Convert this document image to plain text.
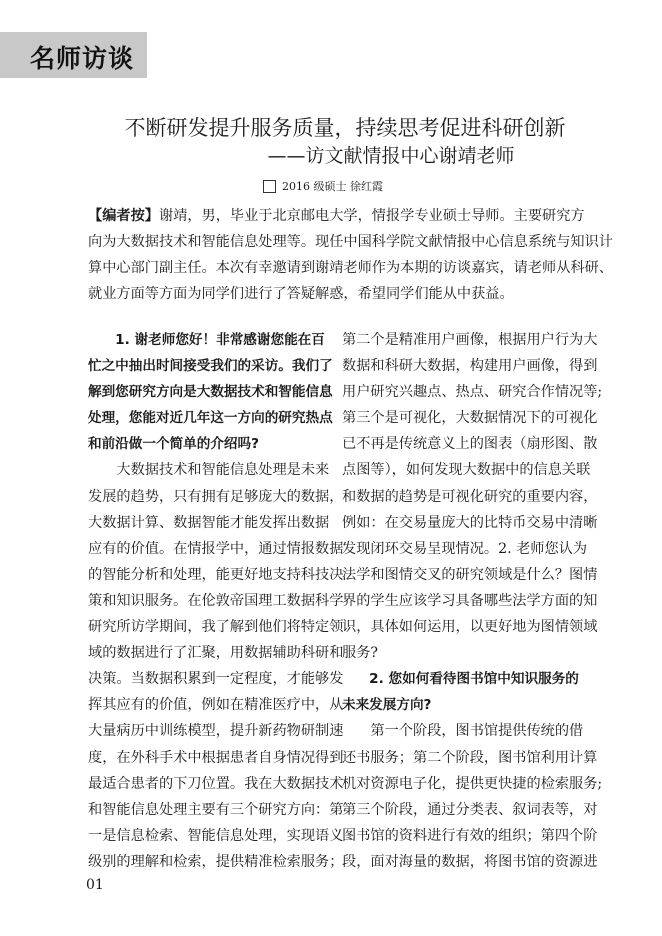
名师访谈
不断研发提升服务质量，持续思考促进科研创新
——访文献情报中心谢靖老师
2016 级硕士 徐红霞
【编者按】谢靖，男，毕业于北京邮电大学，情报学专业硕士导师。主要研究方
向为大数据技术和智能信息处理等。现任中国科学院文献情报中心信息系统与知识计
算中心部门副主任。本次有幸邀请到谢靖老师作为本期的访谈嘉宾，请老师从科研、
就业方面等方面为同学们进行了答疑解惑，希望同学们能从中获益。
　　1. 谢老师您好！非常感谢您能在百
忙之中抽出时间接受我们的采访。我们了
解到您研究方向是大数据技术和智能信息
处理，您能对近几年这一方向的研究热点
和前沿做一个简单的介绍吗?
　　大数据技术和智能信息处理是未来
发展的趋势，只有拥有足够庞大的数据，
大数据计算、数据智能才能发挥出数据
应有的价值。在情报学中，通过情报数据
的智能分析和处理，能更好地支持科技决
策和知识服务。在伦敦帝国理工数据科学
研究所访学期间，我了解到他们将特定领
域的数据进行了汇聚，用数据辅助科研和
决策。当数据积累到一定程度，才能够发
挥其应有的价值，例如在精准医疗中，从
大量病历中训练模型，提升新药物研制速
度，在外科手术中根据患者自身情况得到
最适合患者的下刀位置。我在大数据技术
和智能信息处理主要有三个研究方向：第
一是信息检索、智能信息处理，实现语义
级别的理解和检索，提供精准检索服务；
第二个是精准用户画像，根据用户行为大
数据和科研大数据，构建用户画像，得到
用户研究兴趣点、热点、研究合作情况等;
第三个是可视化，大数据情况下的可视化
已不再是传统意义上的图表（扇形图、散
点图等），如何发现大数据中的信息关联
和数据的趋势是可视化研究的重要内容，
例如：在交易量庞大的比特币交易中清晰
发现闭环交易呈现情况。2. 老师您认为
法学和图情交叉的研究领域是什么？图情
界的学生应该学习具备哪些法学方面的知
识，具体如何运用，以更好地为图情领域
服务?
　　2. 您如何看待图书馆中知识服务的
未来发展方向?
　　第一个阶段，图书馆提供传统的借
还书服务；第二个阶段，图书馆利用计算
机对资源电子化，提供更快捷的检索服务;
第三个阶段，通过分类表、叙词表等，对
图书馆的资料进行有效的组织；第四个阶
段，面对海量的数据，将图书馆的资源进
01
